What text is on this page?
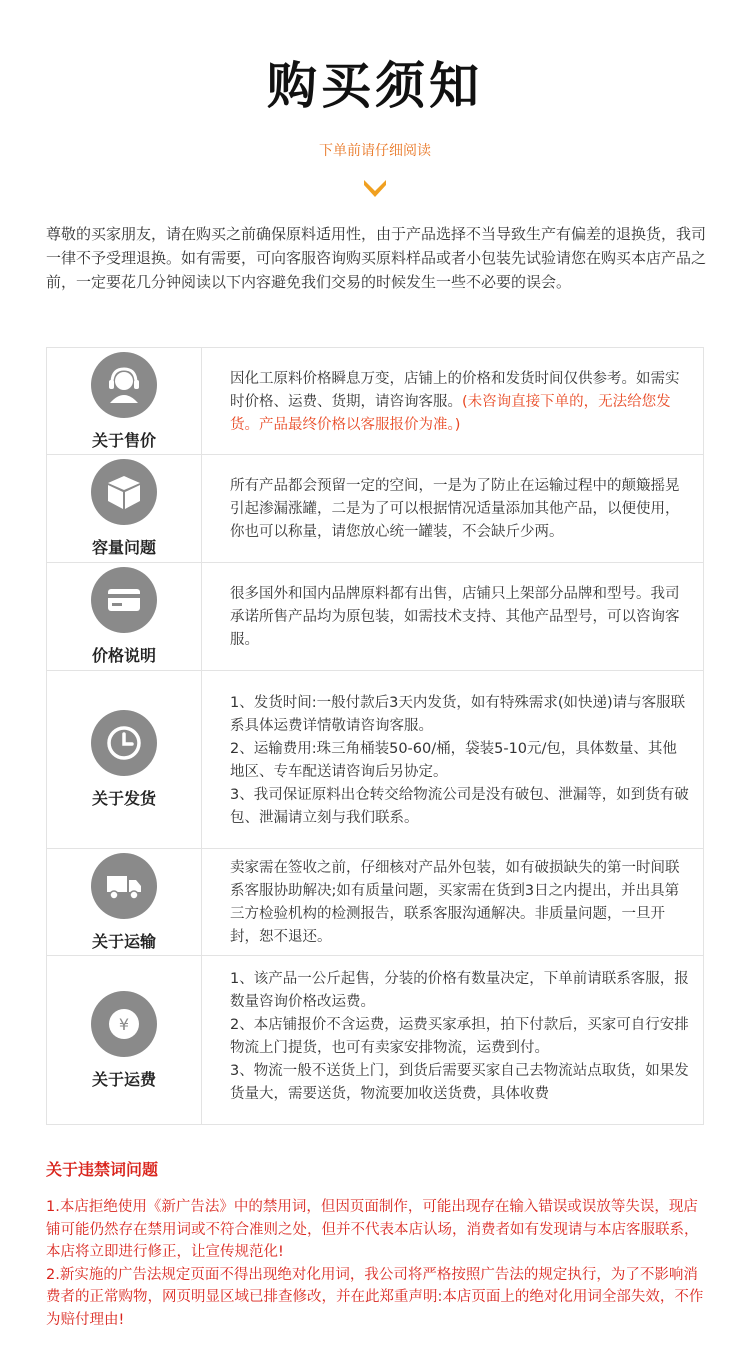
购买须知
下单前请仔细阅读
尊敬的买家朋友，请在购买之前确保原料适用性，由于产品选择不当导致生产有偏差的退换货，我司一律不予受理退换。如有需要，可向客服咨询购买原料样品或者小包装先试验请您在购买本店产品之前，一定要花几分钟阅读以下内容避免我们交易的时候发生一些不必要的误会。
关于售价
因化工原料价格瞬息万变，店铺上的价格和发货时间仅供参考。如需实时价格、运费、货期，请咨询客服。(未咨询直接下单的，无法给您发货。产品最终价格以客服报价为准。)
容量问题
所有产品都会预留一定的空间，一是为了防止在运输过程中的颠簸摇晃引起渗漏涨罐，二是为了可以根据情况适量添加其他产品，以便使用，你也可以称量，请您放心统一罐装，不会缺斤少两。
价格说明
很多国外和国内品牌原料都有出售，店铺只上架部分品牌和型号。我司承诺所售产品均为原包装，如需技术支持、其他产品型号，可以咨询客服。
关于发货
1、发货时间:一般付款后3天内发货，如有特殊需求(如快递)请与客服联系具体运费详情敬请咨询客服。
2、运输费用:珠三角桶装50-60/桶，袋装5-10元/包，具体数量、其他地区、专车配送请咨询后另协定。
3、我司保证原料出仓转交给物流公司是没有破包、泄漏等，如到货有破包、泄漏请立刻与我们联系。
关于运输
卖家需在签收之前，仔细核对产品外包装，如有破损缺失的第一时间联系客服协助解决;如有质量问题，买家需在货到3日之内提出，并出具第三方检验机构的检测报告，联系客服沟通解决。非质量问题，一旦开封，恕不退还。
¥
关于运费
1、该产品一公斤起售，分装的价格有数量决定，下单前请联系客服，报数量咨询价格改运费。
2、本店铺报价不含运费，运费买家承担，拍下付款后，买家可自行安排物流上门提货，也可有卖家安排物流，运费到付。
3、物流一般不送货上门，到货后需要买家自己去物流站点取货，如果发货量大，需要送货，物流要加收送货费，具体收费
关于违禁词问题
1.本店拒绝使用《新广告法》中的禁用词，但因页面制作，可能出现存在输入错误或误放等失误，现店铺可能仍然存在禁用词或不符合准则之处，但并不代表本店认场，消费者如有发现请与本店客服联系，本店将立即进行修正，让宣传规范化!
2.新实施的广告法规定页面不得出现绝对化用词，我公司将严格按照广告法的规定执行，为了不影响消费者的正常购物，网页明显区域已排查修改，并在此郑重声明:本店页面上的绝对化用词全部失效，不作为赔付理由!
